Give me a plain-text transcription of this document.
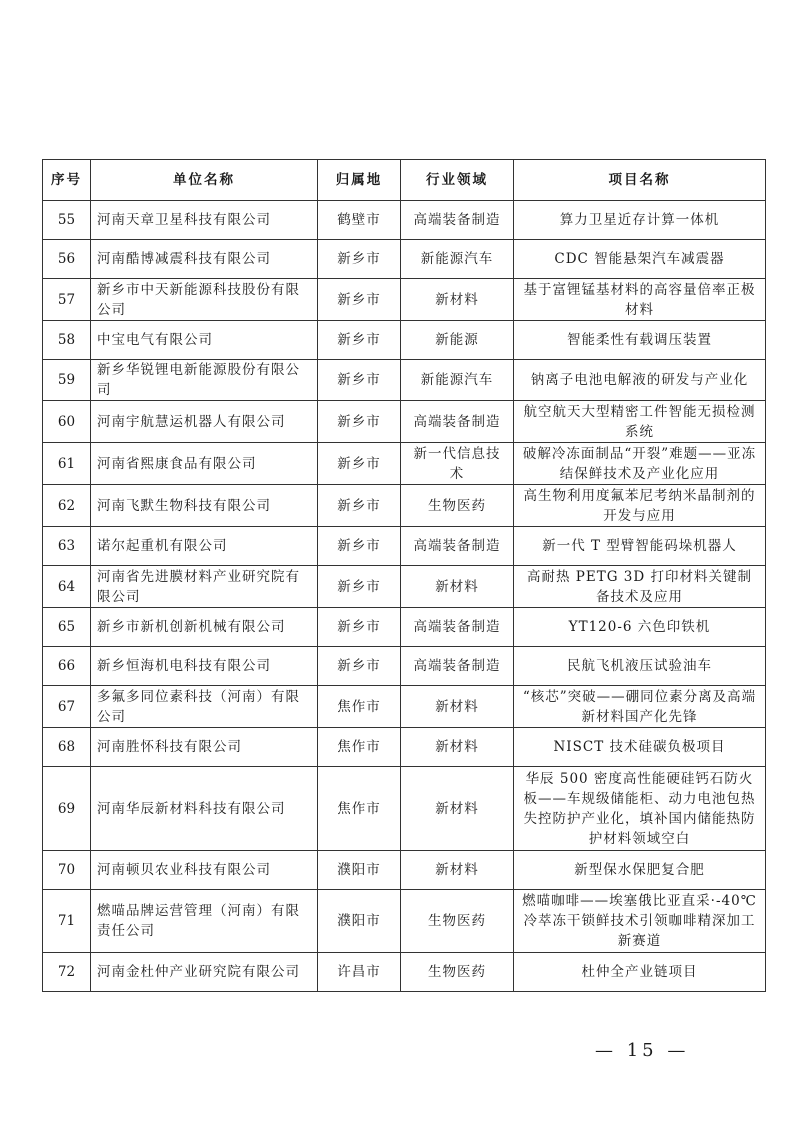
序号	单位名称	归属地	行业领域	项目名称
55	河南天章卫星科技有限公司	鹤壁市	高端装备制造	算力卫星近存计算一体机
56	河南酷博减震科技有限公司	新乡市	新能源汽车	CDC 智能悬架汽车减震器
57	新乡市中天新能源科技股份有限公司	新乡市	新材料	基于富锂锰基材料的高容量倍率正极材料
58	中宝电气有限公司	新乡市	新能源	智能柔性有载调压装置
59	新乡华锐锂电新能源股份有限公司	新乡市	新能源汽车	钠离子电池电解液的研发与产业化
60	河南宇航慧运机器人有限公司	新乡市	高端装备制造	航空航天大型精密工件智能无损检测系统
61	河南省熙康食品有限公司	新乡市	新一代信息技术	破解冷冻面制品“开裂”难题——亚冻结保鲜技术及产业化应用
62	河南飞默生物科技有限公司	新乡市	生物医药	高生物利用度氟苯尼考纳米晶制剂的开发与应用
63	诺尔起重机有限公司	新乡市	高端装备制造	新一代 T 型臂智能码垛机器人
64	河南省先进膜材料产业研究院有限公司	新乡市	新材料	高耐热 PETG 3D 打印材料关键制备技术及应用
65	新乡市新机创新机械有限公司	新乡市	高端装备制造	YT120-6 六色印铁机
66	新乡恒海机电科技有限公司	新乡市	高端装备制造	民航飞机液压试验油车
67	多氟多同位素科技（河南）有限公司	焦作市	新材料	“核芯”突破——硼同位素分离及高端新材料国产化先锋
68	河南胜怀科技有限公司	焦作市	新材料	NISCT 技术硅碳负极项目
69	河南华辰新材料科技有限公司	焦作市	新材料	华辰 500 密度高性能硬硅钙石防火板——车规级储能柜、动力电池包热失控防护产业化，填补国内储能热防护材料领域空白
70	河南顿贝农业科技有限公司	濮阳市	新材料	新型保水保肥复合肥
71	燃喵品牌运营管理（河南）有限责任公司	濮阳市	生物医药	燃喵咖啡——埃塞俄比亚直采·-40℃冷萃冻干锁鲜技术引领咖啡精深加工新赛道
72	河南金杜仲产业研究院有限公司	许昌市	生物医药	杜仲全产业链项目
— 15 —
